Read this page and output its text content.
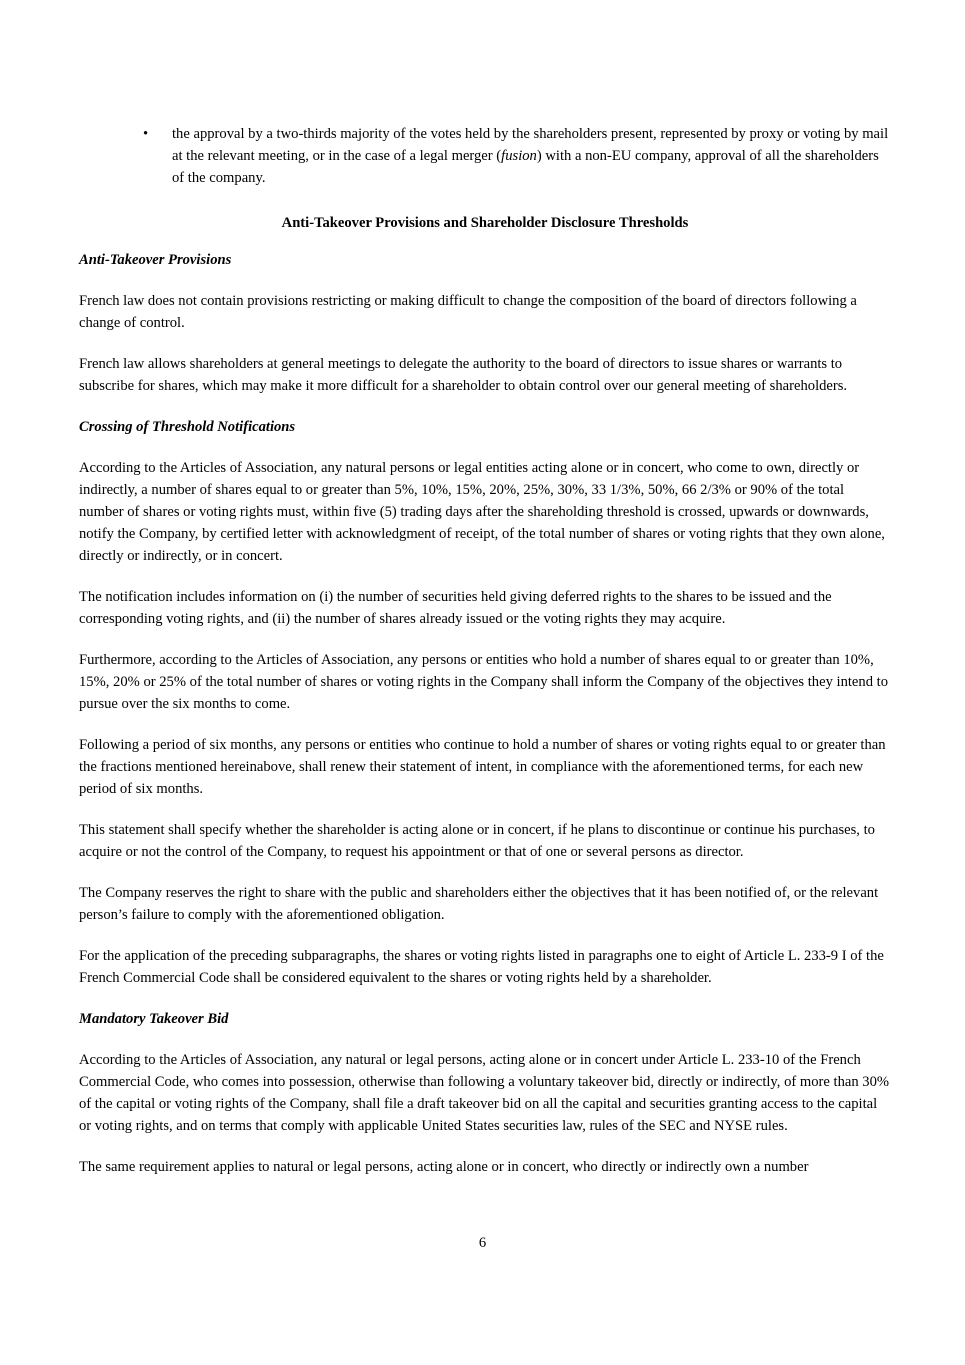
• the approval by a two-thirds majority of the votes held by the shareholders present, represented by proxy or voting by mail at the relevant meeting, or in the case of a legal merger (fusion) with a non-EU company, approval of all the shareholders of the company.
Anti-Takeover Provisions and Shareholder Disclosure Thresholds
Anti-Takeover Provisions

French law does not contain provisions restricting or making difficult to change the composition of the board of directors following a change of control.

French law allows shareholders at general meetings to delegate the authority to the board of directors to issue shares or warrants to subscribe for shares, which may make it more difficult for a shareholder to obtain control over our general meeting of shareholders.

Crossing of Threshold Notifications

According to the Articles of Association, any natural persons or legal entities acting alone or in concert, who come to own, directly or indirectly, a number of shares equal to or greater than 5%, 10%, 15%, 20%, 25%, 30%, 33 1/3%, 50%, 66 2/3% or 90% of the total number of shares or voting rights must, within five (5) trading days after the shareholding threshold is crossed, upwards or downwards, notify the Company, by certified letter with acknowledgment of receipt, of the total number of shares or voting rights that they own alone, directly or indirectly, or in concert.

The notification includes information on (i) the number of securities held giving deferred rights to the shares to be issued and the corresponding voting rights, and (ii) the number of shares already issued or the voting rights they may acquire.

Furthermore, according to the Articles of Association, any persons or entities who hold a number of shares equal to or greater than 10%, 15%, 20% or 25% of the total number of shares or voting rights in the Company shall inform the Company of the objectives they intend to pursue over the six months to come.

Following a period of six months, any persons or entities who continue to hold a number of shares or voting rights equal to or greater than the fractions mentioned hereinabove, shall renew their statement of intent, in compliance with the aforementioned terms, for each new period of six months.

This statement shall specify whether the shareholder is acting alone or in concert, if he plans to discontinue or continue his purchases, to acquire or not the control of the Company, to request his appointment or that of one or several persons as director.

The Company reserves the right to share with the public and shareholders either the objectives that it has been notified of, or the relevant person’s failure to comply with the aforementioned obligation.

For the application of the preceding subparagraphs, the shares or voting rights listed in paragraphs one to eight of Article L. 233-9 I of the French Commercial Code shall be considered equivalent to the shares or voting rights held by a shareholder.

Mandatory Takeover Bid

According to the Articles of Association, any natural or legal persons, acting alone or in concert under Article L. 233-10 of the French Commercial Code, who comes into possession, otherwise than following a voluntary takeover bid, directly or indirectly, of more than 30% of the capital or voting rights of the Company, shall file a draft takeover bid on all the capital and securities granting access to the capital or voting rights, and on terms that comply with applicable United States securities law, rules of the SEC and NYSE rules.

The same requirement applies to natural or legal persons, acting alone or in concert, who directly or indirectly own a number

6
